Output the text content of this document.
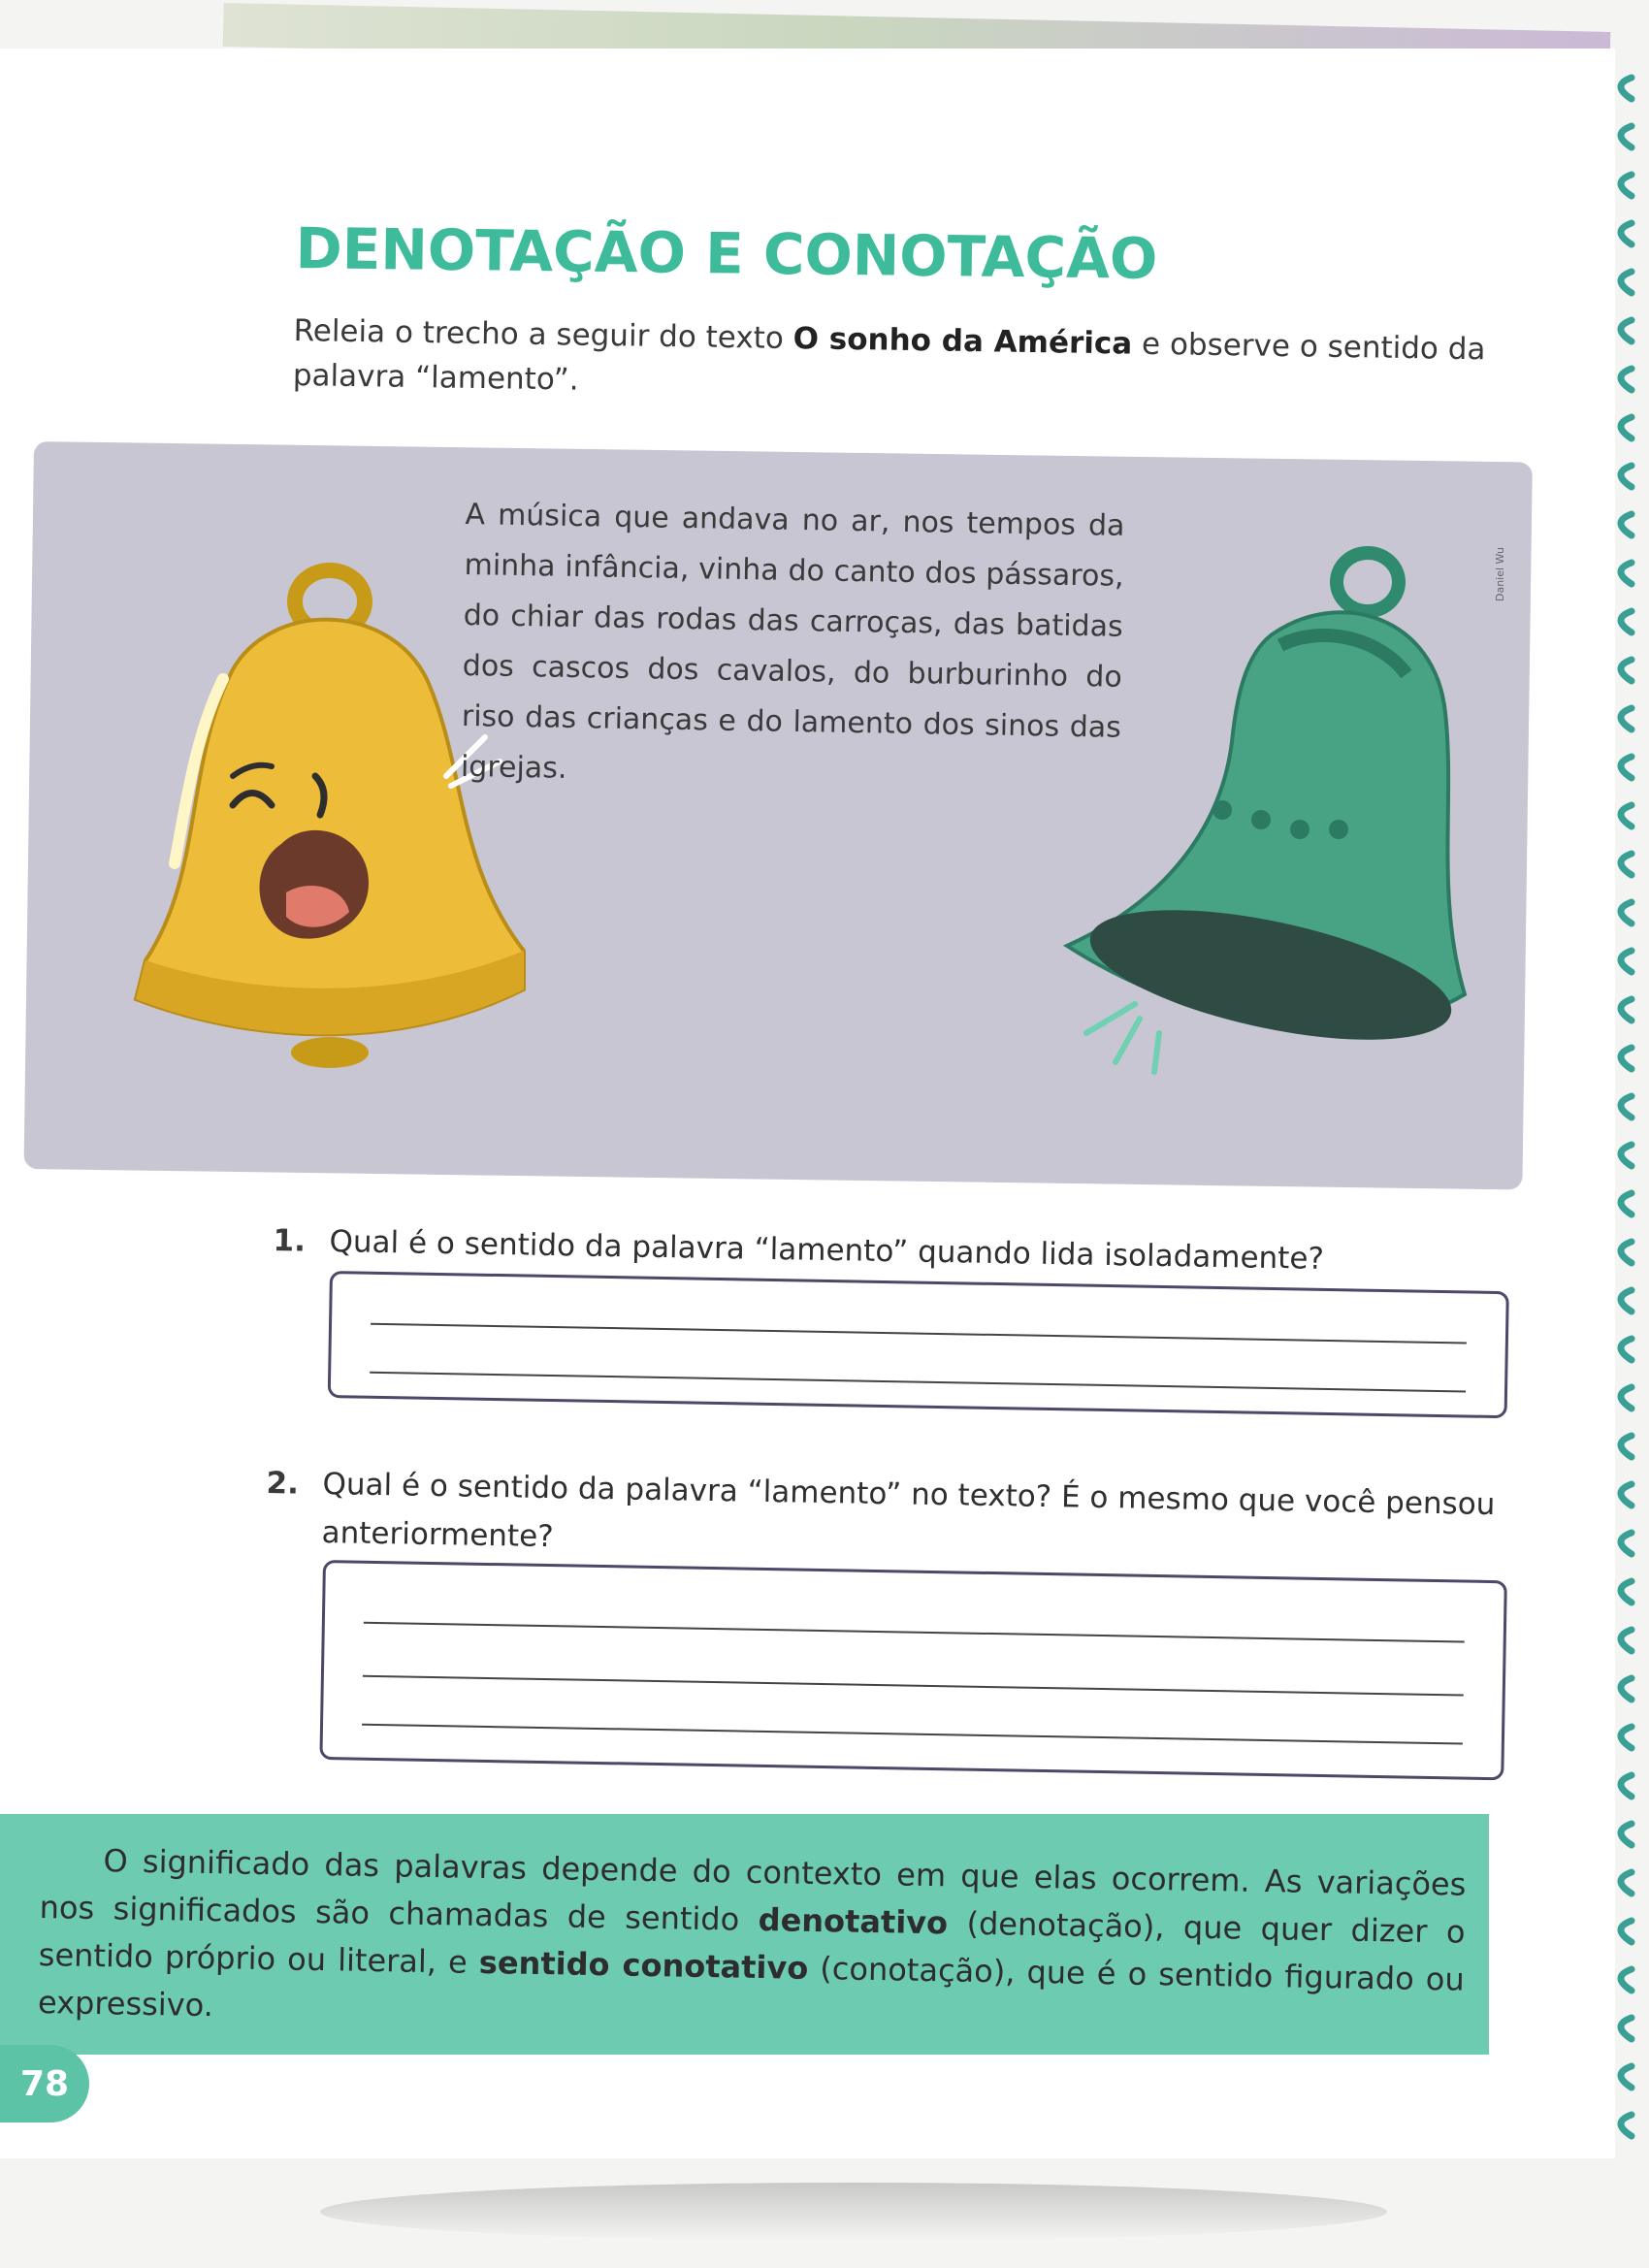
DENOTAÇÃO E CONOTAÇÃO

Releia o trecho a seguir do texto O sonho da América e observe o sentido da palavra “lamento”.

A música que andava no ar, nos tempos da minha infância, vinha do canto dos pássaros, do chiar das rodas das carroças, das batidas dos cascos dos cavalos, do burburinho do riso das crianças e do lamento dos sinos das igrejas.

Daniel Wu
1. Qual é o sentido da palavra “lamento” quando lida isoladamente?
2. Qual é o sentido da palavra “lamento” no texto? É o mesmo que você pensou anteriormente?

O significado das palavras depende do contexto em que elas ocorrem. As variações nos significados são chamadas de sentido denotativo (denotação), que quer dizer o sentido próprio ou literal, e sentido conotativo (conotação), que é o sentido figurado ou expressivo.

78
